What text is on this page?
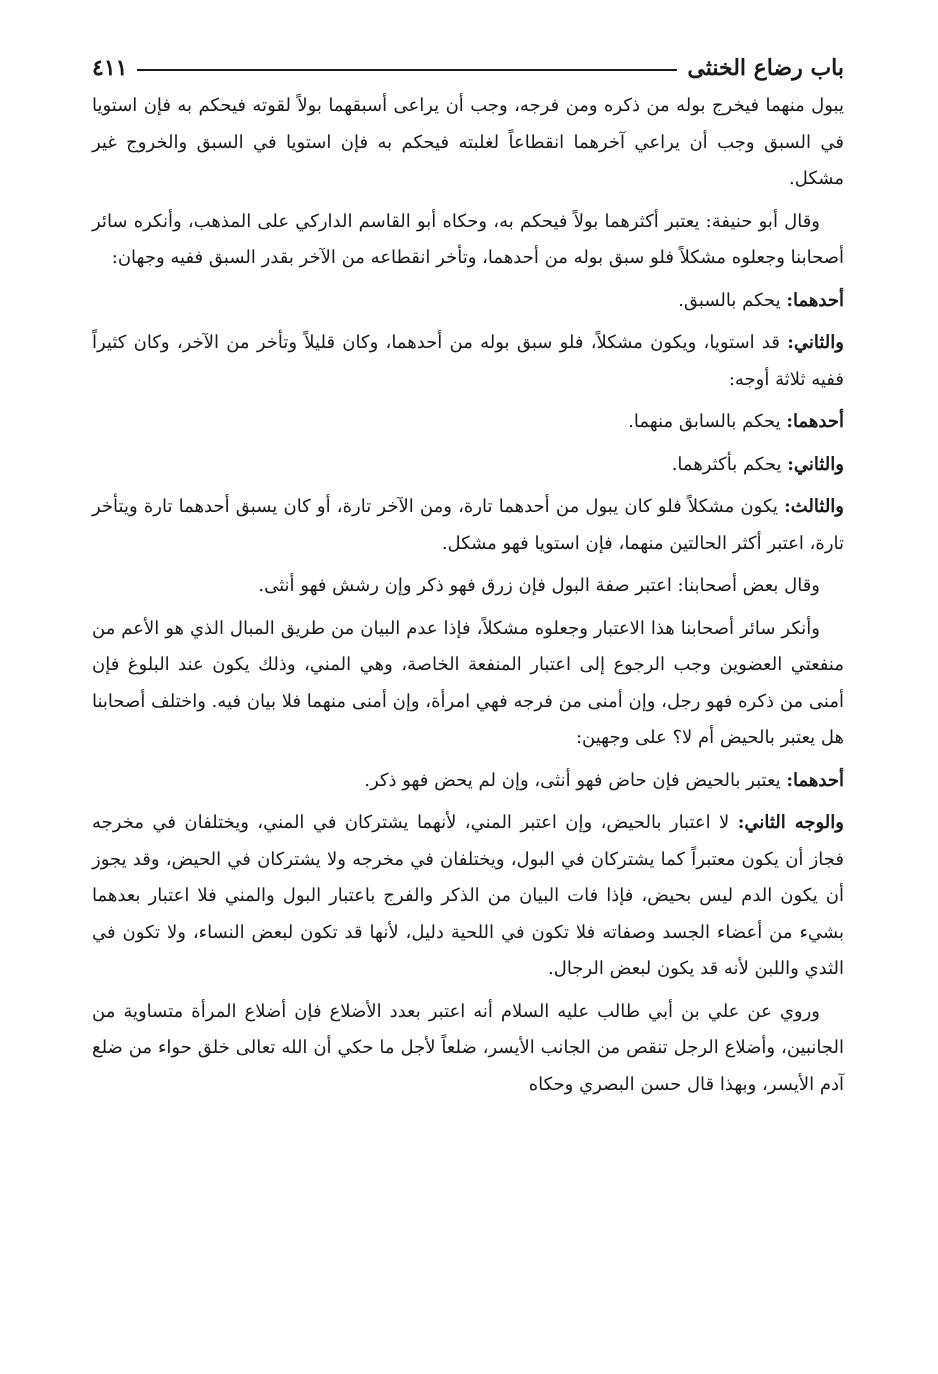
باب رضاع الخنثى
٤١١

يبول منهما فيخرج بوله من ذكره ومن فرجه، وجب أن يراعى أسبقهما بولاً لقوته فيحكم به فإن استويا في السبق وجب أن يراعي آخرهما انقطاعاً لغلبته فيحكم به فإن استويا في السبق والخروج غير مشكل.

وقال أبو حنيفة: يعتبر أكثرهما بولاً فيحكم به، وحكاه أبو القاسم الداركي على المذهب، وأنكره سائر أصحابنا وجعلوه مشكلاً فلو سبق بوله من أحدهما، وتأخر انقطاعه من الآخر بقدر السبق ففيه وجهان:

أحدهما: يحكم بالسبق.

والثاني: قد استويا، ويكون مشكلاً، فلو سبق بوله من أحدهما، وكان قليلاً وتأخر من الآخر، وكان كثيراً ففيه ثلاثة أوجه:

أحدهما: يحكم بالسابق منهما.

والثاني: يحكم بأكثرهما.

والثالث: يكون مشكلاً فلو كان يبول من أحدهما تارة، ومن الآخر تارة، أو كان يسبق أحدهما تارة ويتأخر تارة، اعتبر أكثر الحالتين منهما، فإن استويا فهو مشكل.

وقال بعض أصحابنا: اعتبر صفة البول فإن زرق فهو ذكر وإن رشش فهو أنثى.

وأنكر سائر أصحابنا هذا الاعتبار وجعلوه مشكلاً، فإذا عدم البيان من طريق المبال الذي هو الأعم من منفعتي العضوين وجب الرجوع إلى اعتبار المنفعة الخاصة، وهي المني، وذلك يكون عند البلوغ فإن أمنى من ذكره فهو رجل، وإن أمنى من فرجه فهي امرأة، وإن أمنى منهما فلا بيان فيه. واختلف أصحابنا هل يعتبر بالحيض أم لا؟ على وجهين:

أحدهما: يعتبر بالحيض فإن حاض فهو أنثى، وإن لم يحض فهو ذكر.

والوجه الثاني: لا اعتبار بالحيض، وإن اعتبر المني، لأنهما يشتركان في المني، ويختلفان في مخرجه فجاز أن يكون معتبراً كما يشتركان في البول، ويختلفان في مخرجه ولا يشتركان في الحيض، وقد يجوز أن يكون الدم ليس بحيض، فإذا فات البيان من الذكر والفرج باعتبار البول والمني فلا اعتبار بعدهما بشيء من أعضاء الجسد وصفاته فلا تكون في اللحية دليل، لأنها قد تكون لبعض النساء، ولا تكون في الثدي واللبن لأنه قد يكون لبعض الرجال.

وروي عن علي بن أبي طالب عليه السلام أنه اعتبر بعدد الأضلاع فإن أضلاع المرأة متساوية من الجانبين، وأضلاع الرجل تنقص من الجانب الأيسر، ضلعاً لأجل ما حكي أن الله تعالى خلق حواء من ضلع آدم الأيسر، وبهذا قال حسن البصري وحكاه
